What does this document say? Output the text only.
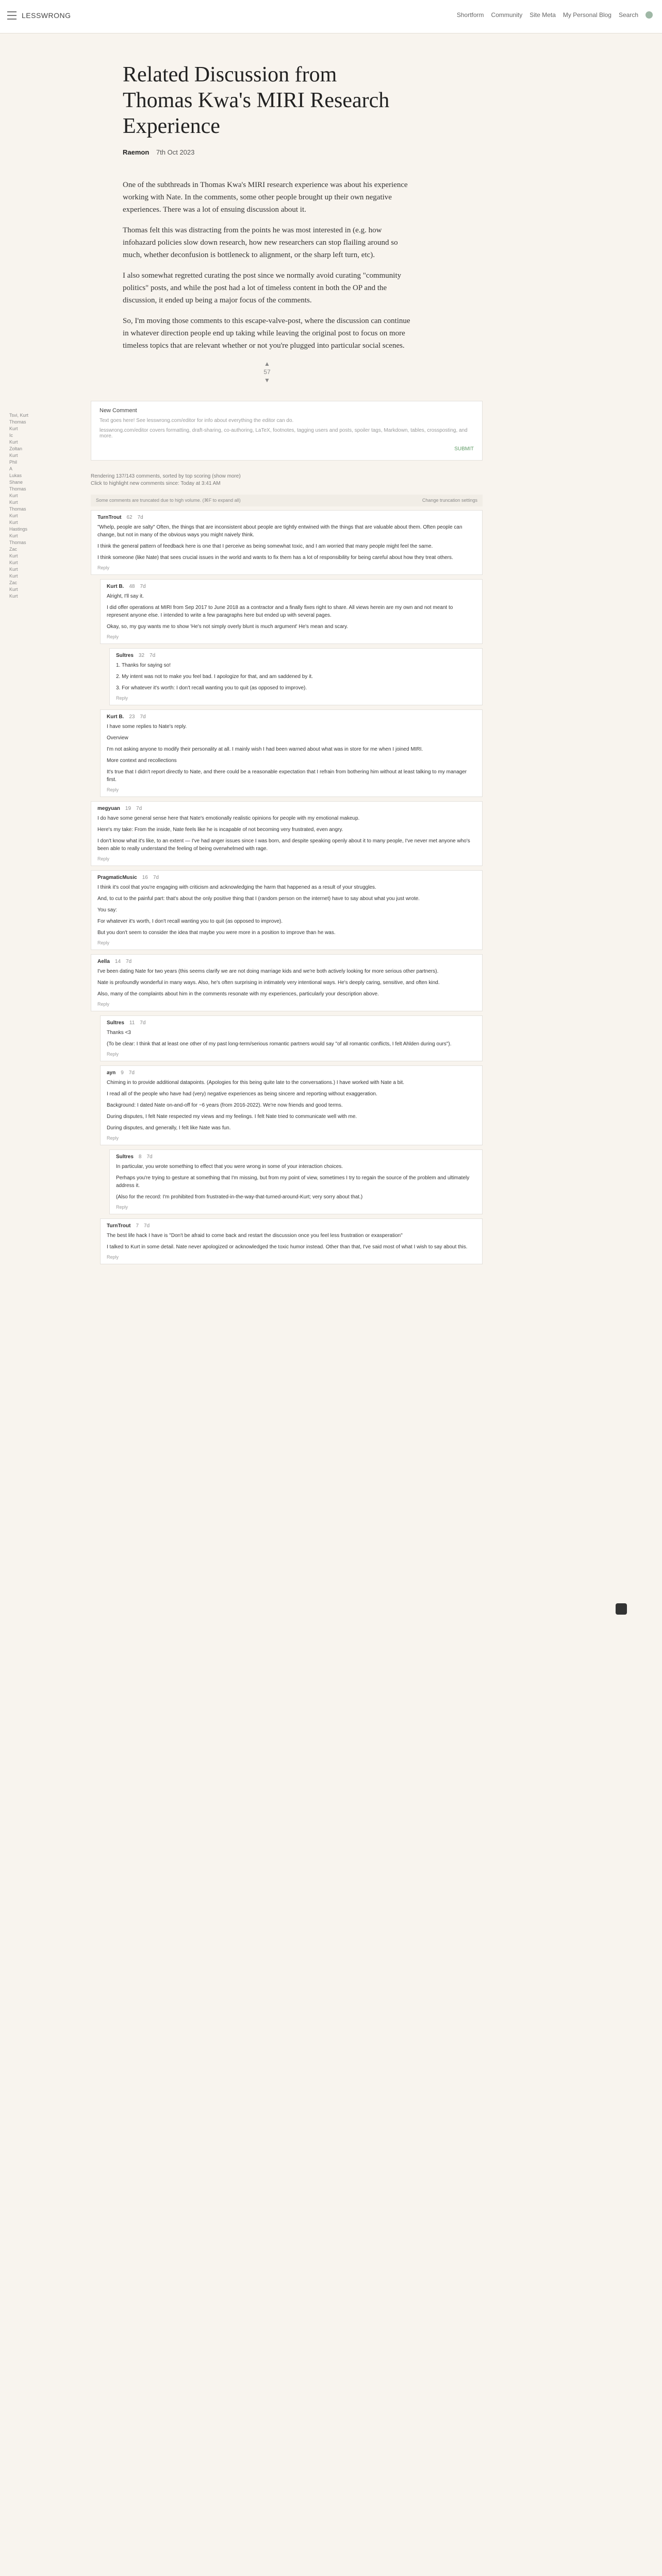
LESSWRONG	Shortform Community Site Meta My Personal Blog Search
Related Discussion from Thomas Kwa's MIRI Research Experience
Raemon 7th Oct 2023

One of the subthreads in Thomas Kwa's MIRI research experience was about his experience working with Nate. In the comments, some other people brought up their own negative experiences. There was a lot of ensuing discussion about it.

Thomas felt this was distracting from the points he was most interested in (e.g. how infohazard policies slow down research, how new researchers can stop flailing around so much, whether deconfusion is bottleneck to alignment, or the sharp left turn, etc).

I also somewhat regretted curating the post since we normally avoid curating "community politics" posts, and while the post had a lot of timeless content in both the OP and the discussion, it ended up being a major focus of the comments.

So, I'm moving those comments to this escape-valve-post, where the discussion can continue in whatever direction people end up taking while leaving the original post to focus on more timeless topics that are relevant whether or not you're plugged into particular social scenes.

▲
57
▼
Tsvi, Kurt
Thomas
Kurt
Ic
Kurt
Zoltan
Kurt
Phil
A
Lukas
Shane
Thomas
Kurt
Kurt
Thomas
Kurt
Kurt
Hastings
Kurt
Thomas
Zac
Kurt
Kurt
Kurt
Kurt
Zac
Kurt
Kurt
New Comment
Text goes here! See lesswrong.com/editor for info about everything the editor can do.
lesswrong.com/editor covers formatting, draft-sharing, co-authoring, LaTeX, footnotes, tagging users and posts, spoiler tags, Markdown, tables, crossposting, and more.
SUBMIT
Rendering 137/143 comments, sorted by top scoring (show more)
Click to highlight new comments since: Today at 3:41 AM
Some comments are truncated due to high volume. (⌘F to expand all)	Change truncation settings
TurnTrout 62 7d

"Whelp, people are salty" Often, the things that are inconsistent about people are tightly entwined with the things that are valuable about them. Often people can change, but not in many of the obvious ways you might naively think.

I think the general pattern of feedback here is one that I perceive as being somewhat toxic, and I am worried that many people might feel the same.

I think someone (like Nate) that sees crucial issues in the world and wants to fix them has a lot of responsibility for being careful about how they treat others.

Reply
Kurt B. 48 7d

Alright, I'll say it.

I did offer operations at MIRI from Sep 2017 to June 2018 as a contractor and a finally fixes right to share. All views herein are my own and not meant to represent anyone else. I intended to write a few paragraphs here but ended up with several pages.

Okay, so, my guy wants me to show 'He's not simply overly blunt is much argument' He's mean and scary.

Reply
Sultres 32 7d

1. Thanks for saying so!

2. My intent was not to make you feel bad. I apologize for that, and am saddened by it.

3. For whatever it's worth: I don't recall wanting you to quit (as opposed to improve).

Reply
Kurt B. 23 7d

I have some replies to Nate's reply.

Overview

I'm not asking anyone to modify their personality at all. I mainly wish I had been warned about what was in store for me when I joined MIRI.

More context and recollections

It's true that I didn't report directly to Nate, and there could be a reasonable expectation that I refrain from bothering him without at least talking to my manager first.

Reply
megyuan 19 7d

I do have some general sense here that Nate's emotionally realistic opinions for people with my emotional makeup.

Here's my take: From the inside, Nate feels like he is incapable of not becoming very frustrated, even angry.

I don't know what it's like, to an extent — I've had anger issues since I was born, and despite speaking openly about it to many people, I've never met anyone who's been able to really understand the feeling of being overwhelmed with rage.

Reply
PragmaticMusic 16 7d

I think it's cool that you're engaging with criticism and acknowledging the harm that happened as a result of your struggles.

And, to cut to the painful part: that's about the only positive thing that I (random person on the internet) have to say about what you just wrote.

You say:

For whatever it's worth, I don't recall wanting you to quit (as opposed to improve).

But you don't seem to consider the idea that maybe you were more in a position to improve than he was.

Reply
Aella 14 7d

I've been dating Nate for two years (this seems clarify we are not doing marriage kids and we're both actively looking for more serious other partners).

Nate is profoundly wonderful in many ways. Also, he's often surprising in intimately very intentional ways. He's deeply caring, sensitive, and often kind.

Also, many of the complaints about him in the comments resonate with my experiences, particularly your description above.

Reply
Sultres 11 7d

Thanks <3

(To be clear: I think that at least one other of my past long-term/serious romantic partners would say "of all romantic conflicts, I felt Ahlden during ours").

Reply
ayn 9 7d

Chiming in to provide additional datapoints. (Apologies for this being quite late to the conversations.) I have worked with Nate a bit.

I read all of the people who have had (very) negative experiences as being sincere and reporting without exaggeration.

Background: I dated Nate on-and-off for ~6 years (from 2016-2022). We're now friends and good terms.

During disputes, I felt Nate respected my views and my feelings. I felt Nate tried to communicate well with me.

During disputes, and generally, I felt like Nate was fun.

Reply
Sultres 8 7d

In particular, you wrote something to effect that you were wrong in some of your interaction choices.

Perhaps you're trying to gesture at something that I'm missing, but from my point of view, sometimes I try to regain the source of the problem and ultimately address it.

(Also for the record: I'm prohibited from frustrated-in-the-way-that-turned-around-Kurt; very sorry about that.)

Reply
TurnTrout 7 7d

The best life hack I have is "Don't be afraid to come back and restart the discussion once you feel less frustration or exasperation"

I talked to Kurt in some detail. Nate never apologized or acknowledged the toxic humor instead. Other than that, I've said most of what I wish to say about this.

Reply
